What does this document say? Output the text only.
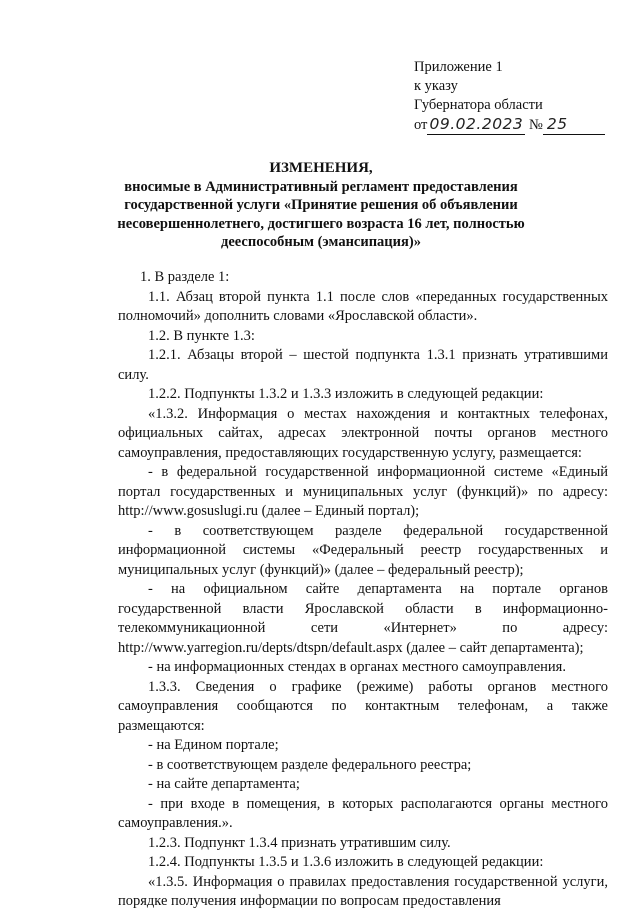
Приложение 1
к указу
Губернатора области
от 09.02.2023 № 25
ИЗМЕНЕНИЯ,
вносимые в Административный регламент предоставления государственной услуги «Принятие решения об объявлении несовершеннолетнего, достигшего возраста 16 лет, полностью дееспособным (эмансипация)»

1. В разделе 1:

1.1. Абзац второй пункта 1.1 после слов «переданных государственных полномочий» дополнить словами «Ярославской области».

1.2. В пункте 1.3:

1.2.1. Абзацы второй – шестой подпункта 1.3.1 признать утратившими силу.

1.2.2. Подпункты 1.3.2 и 1.3.3 изложить в следующей редакции:

«1.3.2. Информация о местах нахождения и контактных телефонах, официальных сайтах, адресах электронной почты органов местного самоуправления, предоставляющих государственную услугу, размещается:

- в федеральной государственной информационной системе «Единый портал государственных и муниципальных услуг (функций)» по адресу: http://www.gosuslugi.ru (далее – Единый портал);

- в соответствующем разделе федеральной государственной информационной системы «Федеральный реестр государственных и муниципальных услуг (функций)» (далее – федеральный реестр);

- на официальном сайте департамента на портале органов государственной власти Ярославской области в информационно-телекоммуникационной сети «Интернет» по адресу: http://www.yarregion.ru/depts/dtspn/default.aspx (далее – сайт департамента);

- на информационных стендах в органах местного самоуправления.

1.3.3. Сведения о графике (режиме) работы органов местного самоуправления сообщаются по контактным телефонам, а также размещаются:

- на Едином портале;

- в соответствующем разделе федерального реестра;

- на сайте департамента;

- при входе в помещения, в которых располагаются органы местного самоуправления.».

1.2.3. Подпункт 1.3.4 признать утратившим силу.

1.2.4. Подпункты 1.3.5 и 1.3.6 изложить в следующей редакции:

«1.3.5. Информация о правилах предоставления государственной услуги, порядке получения информации по вопросам предоставления
